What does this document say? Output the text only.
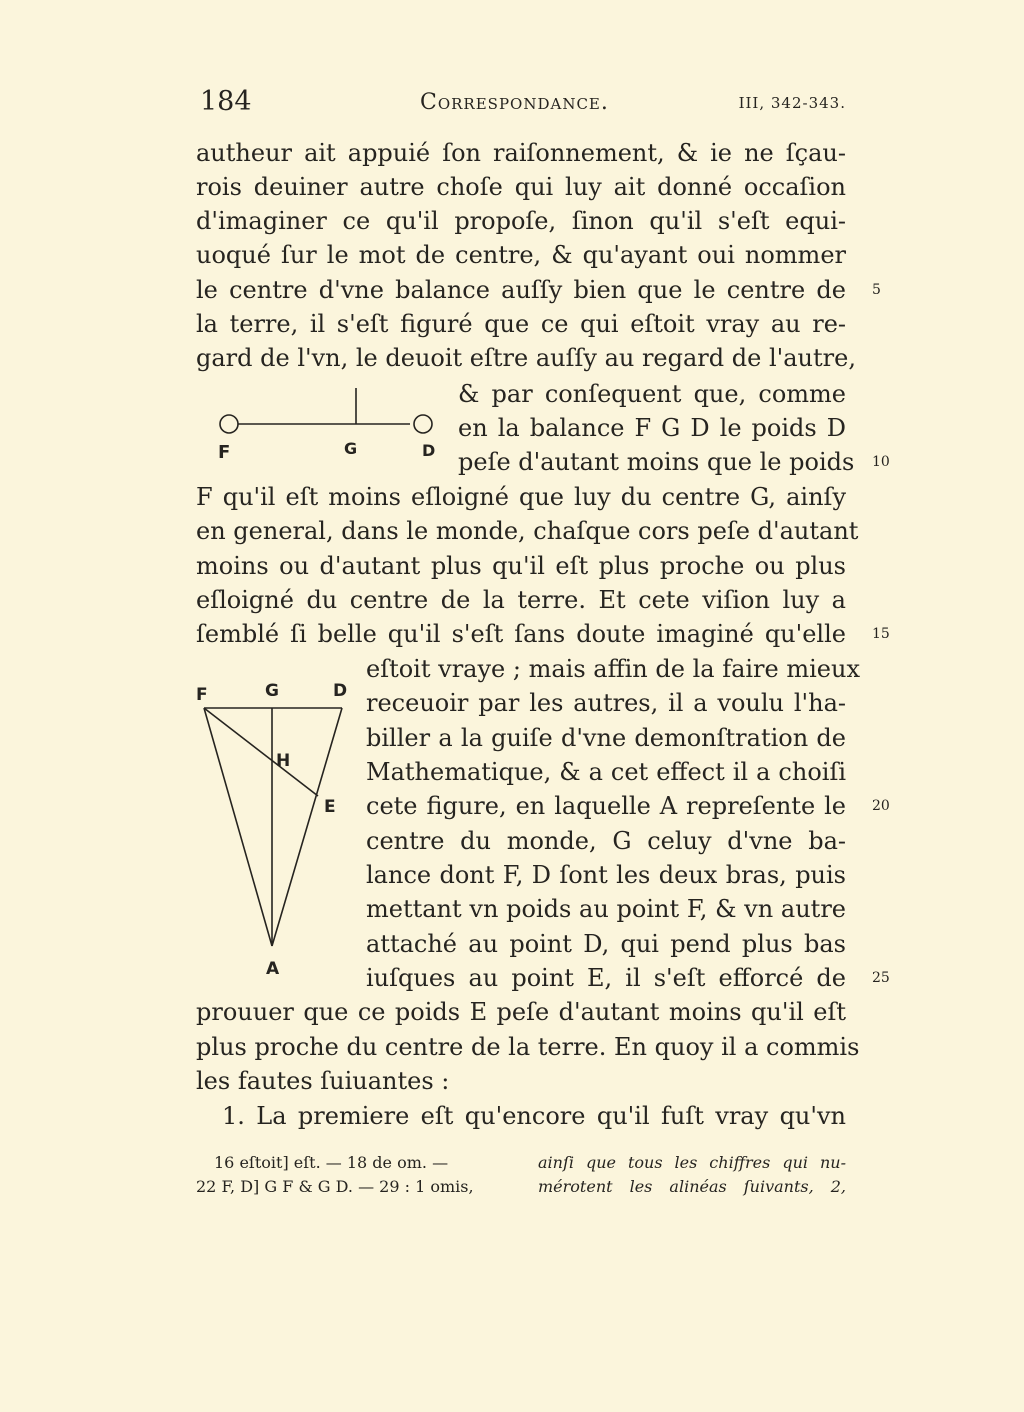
184	Correspondance.	III, 342-343.
autheur ait appuié ſon raiſonnement, & ie ne ſçau-
rois deuiner autre choſe qui luy ait donné occaſion
d'imaginer ce qu'il propoſe, ſinon qu'il s'eſt equi-
uoqué ſur le mot de centre, & qu'ayant oui nommer
le centre d'vne balance auſſy bien que le centre de
la terre, il s'eſt figuré que ce qui eſtoit vray au re-
gard de l'vn, le deuoit eſtre auſſy au regard de l'autre,
& par conſequent que, comme
en la balance F G D le poids D
peſe d'autant moins que le poids
F	G	D
F qu'il eſt moins eſloigné que luy du centre G, ainſy
en general, dans le monde, chaſque cors peſe d'autant
moins ou d'autant plus qu'il eſt plus proche ou plus
eſloigné du centre de la terre. Et cete viſion luy a
ſemblé ſi belle qu'il s'eſt ſans doute imaginé qu'elle
eſtoit vraye ; mais affin de la faire mieux
receuoir par les autres, il a voulu l'ha-
biller a la guiſe d'vne demonſtration de
Mathematique, & a cet effect il a choiſi
cete figure, en laquelle A repreſente le
centre du monde, G celuy d'vne ba-
lance dont F, D ſont les deux bras, puis
mettant vn poids au point F, & vn autre
attaché au point D, qui pend plus bas
iuſques au point E, il s'eſt efforcé de
F	G	D
H
E
A
prouuer que ce poids E peſe d'autant moins qu'il eſt
plus proche du centre de la terre. En quoy il a commis
les fautes ſuiuantes :
1. La premiere eſt qu'encore qu'il fuſt vray qu'vn
5
10
15
20
25
16 eſtoit] eſt. — 18 de om. —
22 F, D] G F & G D. — 29 : 1 omis,
ainſi que tous les chiffres qui nu-
mérotent les alinéas ſuivants, 2,
